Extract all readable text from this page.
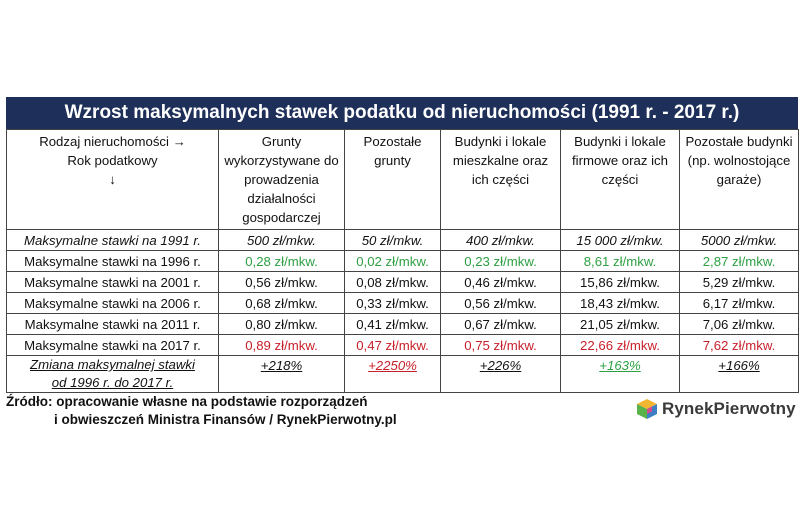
Wzrost maksymalnych stawek podatku od nieruchomości (1991 r. - 2017 r.)
Rodzaj nieruchomości →
Rok podatkowy
↓	Grunty wykorzystywane do prowadzenia działalności gospodarczej	Pozostałe grunty	Budynki i lokale mieszkalne oraz ich części	Budynki i lokale firmowe oraz ich części	Pozostałe budynki (np. wolnostojące garaże)
Maksymalne stawki na 1991 r.	500 zł/mkw.	50 zł/mkw.	400 zł/mkw.	15 000 zł/mkw.	5000 zł/mkw.
Maksymalne stawki na 1996 r.	0,28 zł/mkw.	0,02 zł/mkw.	0,23 zł/mkw.	8,61 zł/mkw.	2,87 zł/mkw.
Maksymalne stawki na 2001 r.	0,56 zł/mkw.	0,08 zł/mkw.	0,46 zł/mkw.	15,86 zł/mkw.	5,29 zł/mkw.
Maksymalne stawki na 2006 r.	0,68 zł/mkw.	0,33 zł/mkw.	0,56 zł/mkw.	18,43 zł/mkw.	6,17 zł/mkw.
Maksymalne stawki na 2011 r.	0,80 zł/mkw.	0,41 zł/mkw.	0,67 zł/mkw.	21,05 zł/mkw.	7,06 zł/mkw.
Maksymalne stawki na 2017 r.	0,89 zł/mkw.	0,47 zł/mkw.	0,75 zł/mkw.	22,66 zł/mkw.	7,62 zł/mkw.

Zmiana maksymalnej stawki
od 1996 r. do 2017 r.	+218%	+2250%	+226%	+163%	+166%
Źródło: opracowanie własne na podstawie rozporządzeń
i obwieszczeń Ministra Finansów / RynekPierwotny.pl
RynekPierwotny
